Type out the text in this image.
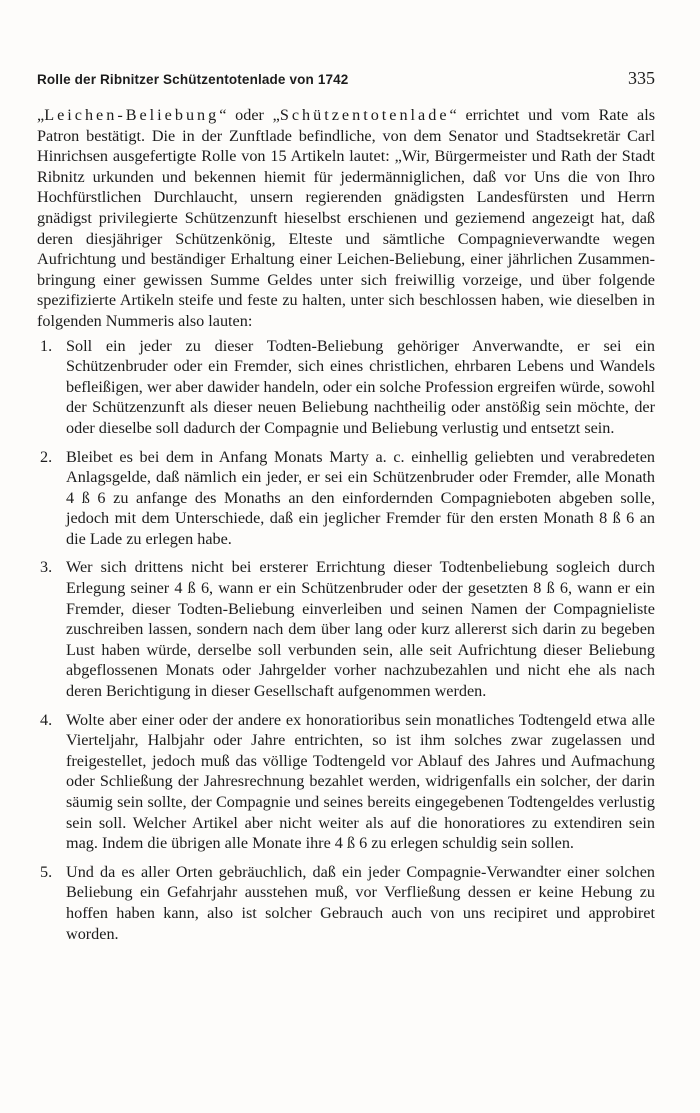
Rolle der Ribnitzer Schützentotenlade von 1742	335

„Leichen-Beliebung“ oder „Schützentotenlade“ errichtet und vom Rate als Patron bestätigt. Die in der Zunftlade befindliche, von dem Senator und Stadtsekretär Carl Hinrichsen ausgefertigte Rolle von 15 Artikeln lautet: „Wir, Bürgermeister und Rath der Stadt Ribnitz urkunden und bekennen hiemit für jedermänniglichen, daß vor Uns die von Ihro Hochfürstlichen Durchlaucht, unsern regierenden gnädigsten Landesfürsten und Herrn gnädigst privilegierte Schützenzunft hieselbst erschienen und geziemend angezeigt hat, daß deren diesjähriger Schützenkönig, Elteste und sämtliche Compagnieverwandte wegen Aufrichtung und beständiger Erhaltung einer Leichen-Beliebung, einer jährlichen Zusammenbringung einer gewissen Summe Geldes unter sich freiwillig vorzeige, und über folgende spezifizierte Artikeln steife und feste zu halten, unter sich beschlossen haben, wie dieselben in folgenden Nummeris also lauten:

1. Soll ein jeder zu dieser Todten-Beliebung gehöriger Anverwandte, er sei ein Schützenbruder oder ein Fremder, sich eines christlichen, ehrbaren Lebens und Wandels befleißigen, wer aber dawider handeln, oder ein solche Profession ergreifen würde, sowohl der Schützenzunft als dieser neuen Beliebung nachtheilig oder anstößig sein möchte, der oder dieselbe soll dadurch der Compagnie und Beliebung verlustig und entsetzt sein.
2. Bleibet es bei dem in Anfang Monats Marty a. c. einhellig geliebten und verabredeten Anlagsgelde, daß nämlich ein jeder, er sei ein Schützenbruder oder Fremder, alle Monath 4 ß 6 zu anfange des Monaths an den einfordernden Compagnieboten abgeben solle, jedoch mit dem Unterschiede, daß ein jeglicher Fremder für den ersten Monath 8 ß 6 an die Lade zu erlegen habe.
3. Wer sich drittens nicht bei ersterer Errichtung dieser Todtenbeliebung sogleich durch Erlegung seiner 4 ß 6, wann er ein Schützenbruder oder der gesetzten 8 ß 6, wann er ein Fremder, dieser Todten-Beliebung einverleiben und seinen Namen der Compagnieliste zuschreiben lassen, sondern nach dem über lang oder kurz allererst sich darin zu begeben Lust haben würde, derselbe soll verbunden sein, alle seit Aufrichtung dieser Beliebung abgeflossenen Monats oder Jahrgelder vorher nachzubezahlen und nicht ehe als nach deren Berichtigung in dieser Gesellschaft aufgenommen werden.
4. Wolte aber einer oder der andere ex honoratioribus sein monatliches Todtengeld etwa alle Vierteljahr, Halbjahr oder Jahre entrichten, so ist ihm solches zwar zugelassen und freigestellet, jedoch muß das völlige Todtengeld vor Ablauf des Jahres und Aufmachung oder Schließung der Jahresrechnung bezahlet werden, widrigenfalls ein solcher, der darin säumig sein sollte, der Compagnie und seines bereits eingegebenen Todtengeldes verlustig sein soll. Welcher Artikel aber nicht weiter als auf die honoratiores zu extendiren sein mag. Indem die übrigen alle Monate ihre 4 ß 6 zu erlegen schuldig sein sollen.
5. Und da es aller Orten gebräuchlich, daß ein jeder Compagnie-Verwandter einer solchen Beliebung ein Gefahrjahr ausstehen muß, vor Verfließung dessen er keine Hebung zu hoffen haben kann, also ist solcher Gebrauch auch von uns recipiret und approbiret worden.
